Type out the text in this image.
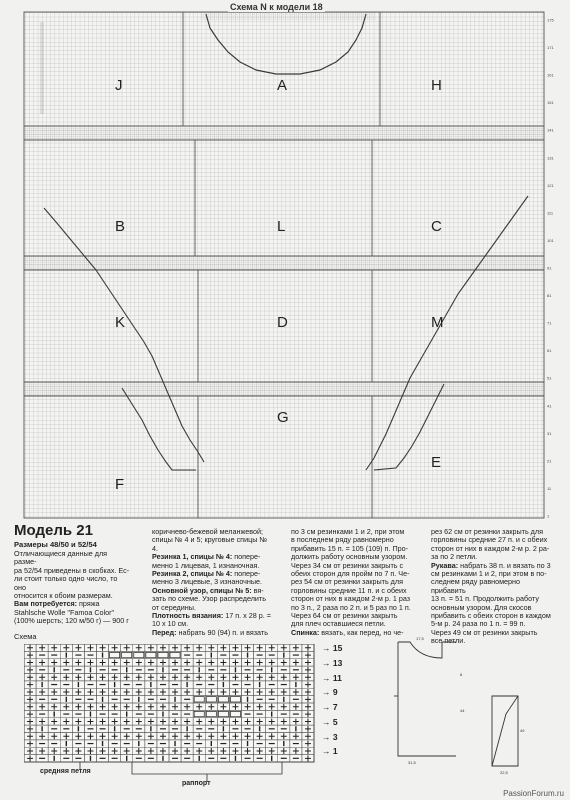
175
171
161
151
141
131
121
111
101
91
81
71
61
51
41
31
21
11
1
Схема N к модели 18
J	A	H
B	L	C
K	D	M
G
E
F
Модель 21
Размеры 48/50 и 52/54
Отличающиеся данные для разме-
ра 52/54 приведены в скобках. Ес-
ли стоит только одно число, то оно
относится к обоим размерам.
Вам потребуется: пряжа
Stahlsche Wolle "Famoa Color"
(100% шерсть; 120 м/50 г) — 900 г
коричнево-бежевой меланжевой;
спицы № 4 и 5; круговые спицы №
4.
Резинка 1, спицы № 4: попере-
менно 1 лицевая, 1 изнаночная.
Резинка 2, спицы № 4: попере-
менно 3 лицевые, 3 изнаночные.
Основной узор, спицы № 5: вя-
зать по схеме. Узор распределить
от середины.
Плотность вязания: 17 п. х 28 р. =
10 х 10 см.
Перед: набрать 90 (94) п. и вязать
по 3 см резинками 1 и 2, при этом
в последнем ряду равномерно
прибавить 15 п. = 105 (109) п. Про-
должить работу основным узором.
Через 34 см от резинки закрыть с
обеих сторон для пройм по 7 п. Че-
рез 54 см от резинки закрыть для
горловины средние 11 п. и с обеих
сторон от них в каждом 2-м р. 1 раз
по 3 п., 2 раза по 2 п. и 5 раз по 1 п.
Через 64 см от резинки закрыть
для плеч оставшиеся петли.
Спинка: вязать, как перед, но че-
рез 62 см от резинки закрыть для
горловины средние 27 п. и с обеих
сторон от них в каждом 2-м р. 2 ра-
за по 2 петли.
Рукава: набрать 38 п. и вязать по 3
см резинками 1 и 2, при этом в по-
следнем ряду равномерно прибавить
13 п. = 51 п. Продолжить работу
основным узором. Для скосов
прибавить с обеих сторон в каждом
5-м р. 24 раза по 1 п. = 99 п.
Через 49 см от резинки закрыть
все петли.
Схема
→ 15
→ 13
→ 11
→ 9
→ 7
→ 5
→ 3
→ 1
средняя петля
раппорт
17,5
8
44
31,5
49
22,5
PassionForum.ru
